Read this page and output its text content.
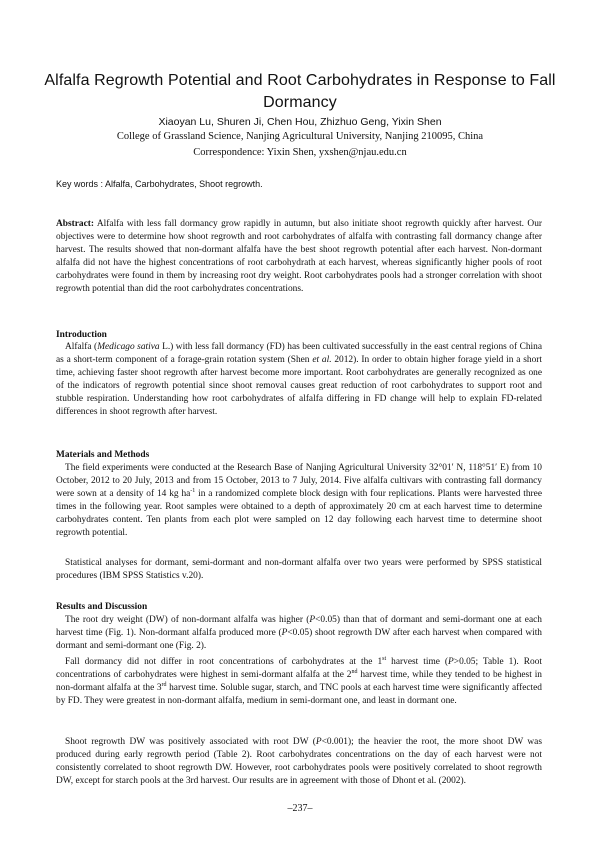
Alfalfa Regrowth Potential and Root Carbohydrates in Response to Fall Dormancy
Xiaoyan Lu, Shuren Ji, Chen Hou, Zhizhuo Geng, Yixin Shen
College of Grassland Science, Nanjing Agricultural University, Nanjing 210095, China
Correspondence: Yixin Shen, yxshen@njau.edu.cn
Key words : Alfalfa, Carbohydrates, Shoot regrowth.

Abstract: Alfalfa with less fall dormancy grow rapidly in autumn, but also initiate shoot regrowth quickly after harvest. Our objectives were to determine how shoot regrowth and root carbohydrates of alfalfa with contrasting fall dormancy change after harvest. The results showed that non-dormant alfalfa have the best shoot regrowth potential after each harvest. Non-dormant alfalfa did not have the highest concentrations of root carbohydrath at each harvest, whereas significantly higher pools of root carbohydrates were found in them by increasing root dry weight. Root carbohydrates pools had a stronger correlation with shoot regrowth potential than did the root carbohydrates concentrations.

Introduction

Alfalfa (Medicago sativa L.) with less fall dormancy (FD) has been cultivated successfully in the east central regions of China as a short-term component of a forage-grain rotation system (Shen et al. 2012). In order to obtain higher forage yield in a short time, achieving faster shoot regrowth after harvest become more important. Root carbohydrates are generally recognized as one of the indicators of regrowth potential since shoot removal causes great reduction of root carbohydrates to support root and stubble respiration. Understanding how root carbohydrates of alfalfa differing in FD change will help to explain FD-related differences in shoot regrowth after harvest.

Materials and Methods

The field experiments were conducted at the Research Base of Nanjing Agricultural University 32°01′ N, 118°51′ E) from 10 October, 2012 to 20 July, 2013 and from 15 October, 2013 to 7 July, 2014. Five alfalfa cultivars with contrasting fall dormancy were sown at a density of 14 kg $ha^{-1}$ in a randomized complete block design with four replications. Plants were harvested three times in the following year. Root samples were obtained to a depth of approximately 20 cm at each harvest time to determine carbohydrates content. Ten plants from each plot were sampled on 12 day following each harvest time to determine shoot regrowth potential.

Statistical analyses for dormant, semi-dormant and non-dormant alfalfa over two years were performed by SPSS statistical procedures (IBM SPSS Statistics v.20).

Results and Discussion

The root dry weight (DW) of non-dormant alfalfa was higher (P<0.05) than that of dormant and semi-dormant one at each harvest time (Fig. 1). Non-dormant alfalfa produced more (P<0.05) shoot regrowth DW after each harvest when compared with dormant and semi-dormant one (Fig. 2).

Fall dormancy did not differ in root concentrations of carbohydrates at the 1st harvest time (P>0.05; Table 1). Root concentrations of carbohydrates were highest in semi-dormant alfalfa at the 2nd harvest time, while they tended to be highest in non-dormant alfalfa at the 3rd harvest time. Soluble sugar, starch, and TNC pools at each harvest time were significantly affected by FD. They were greatest in non-dormant alfalfa, medium in semi-dormant one, and least in dormant one.

Shoot regrowth DW was positively associated with root DW (P<0.001); the heavier the root, the more shoot DW was produced during early regrowth period (Table 2). Root carbohydrates concentrations on the day of each harvest were not consistently correlated to shoot regrowth DW. However, root carbohydrates pools were positively correlated to shoot regrowth DW, except for starch pools at the 3rd harvest. Our results are in agreement with those of Dhont et al. (2002).

–237–
